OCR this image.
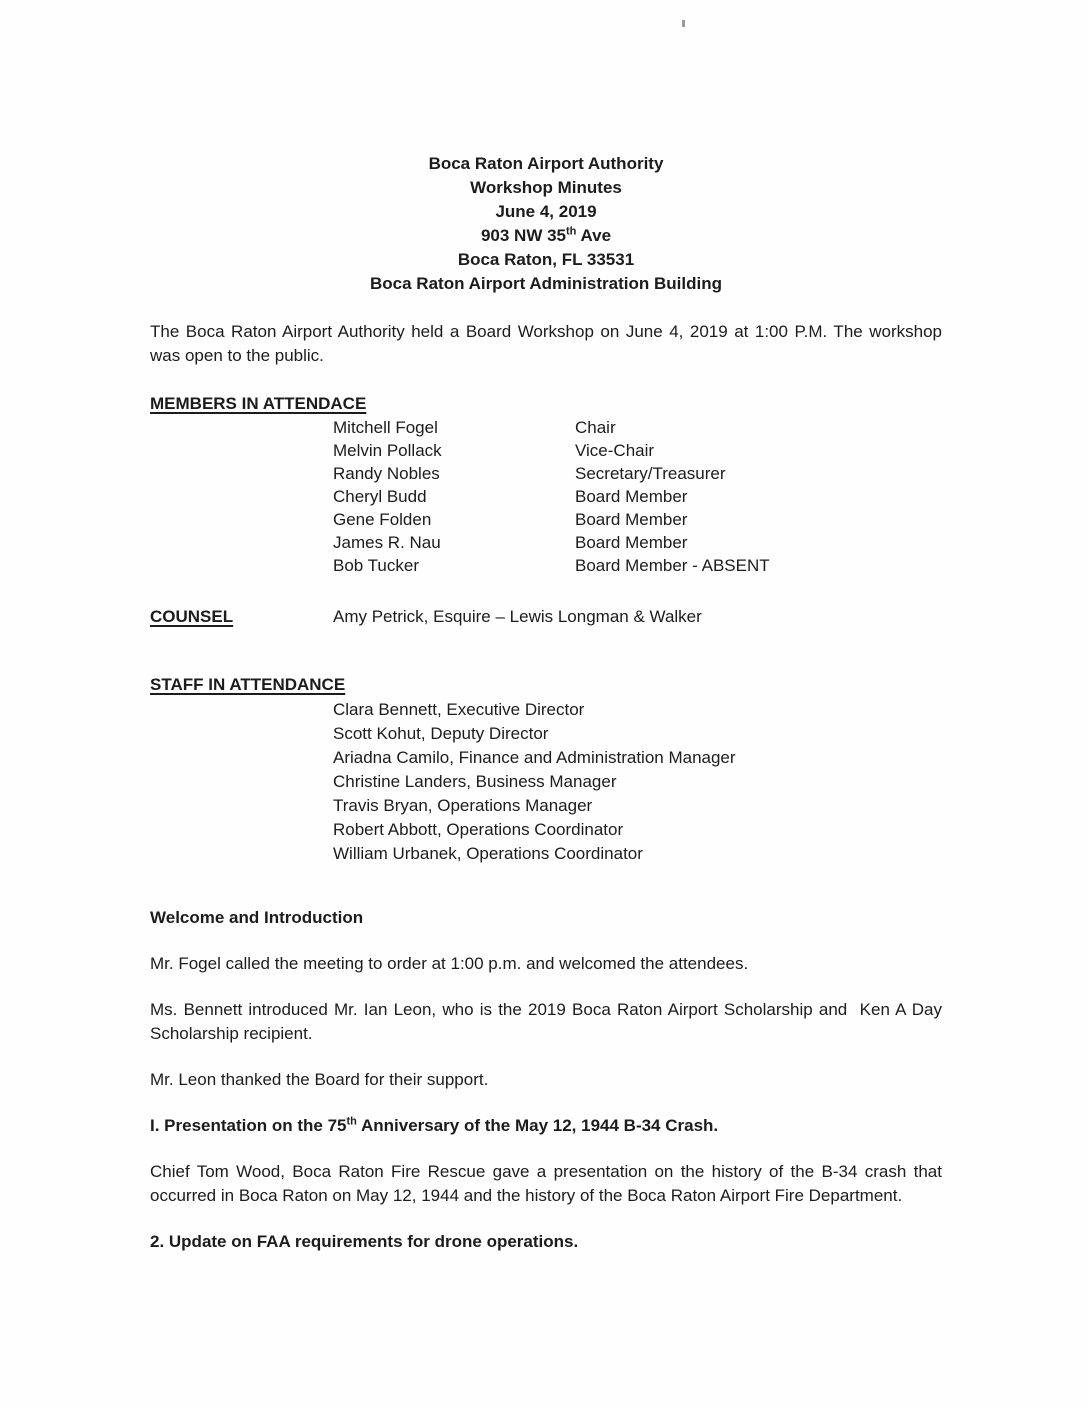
Boca Raton Airport Authority
Workshop Minutes
June 4, 2019
903 NW 35th Ave
Boca Raton, FL 33531
Boca Raton Airport Administration Building

The Boca Raton Airport Authority held a Board Workshop on June 4, 2019 at 1:00 P.M. The workshop was open to the public.

MEMBERS IN ATTENDACE
Mitchell Fogel	Chair
Melvin Pollack	Vice-Chair
Randy Nobles	Secretary/Treasurer
Cheryl Budd	Board Member
Gene Folden	Board Member
James R. Nau	Board Member
Bob Tucker	Board Member - ABSENT
COUNSEL	Amy Petrick, Esquire – Lewis Longman & Walker
STAFF IN ATTENDANCE
Clara Bennett, Executive Director
Scott Kohut, Deputy Director
Ariadna Camilo, Finance and Administration Manager
Christine Landers, Business Manager
Travis Bryan, Operations Manager
Robert Abbott, Operations Coordinator
William Urbanek, Operations Coordinator
Welcome and Introduction

Mr. Fogel called the meeting to order at 1:00 p.m. and welcomed the attendees.

Ms. Bennett introduced Mr. Ian Leon, who is the 2019 Boca Raton Airport Scholarship and  Ken A Day Scholarship recipient.

Mr. Leon thanked the Board for their support.

I. Presentation on the 75th Anniversary of the May 12, 1944 B-34 Crash.

Chief Tom Wood, Boca Raton Fire Rescue gave a presentation on the history of the B-34 crash that occurred in Boca Raton on May 12, 1944 and the history of the Boca Raton Airport Fire Department.

2. Update on FAA requirements for drone operations.
